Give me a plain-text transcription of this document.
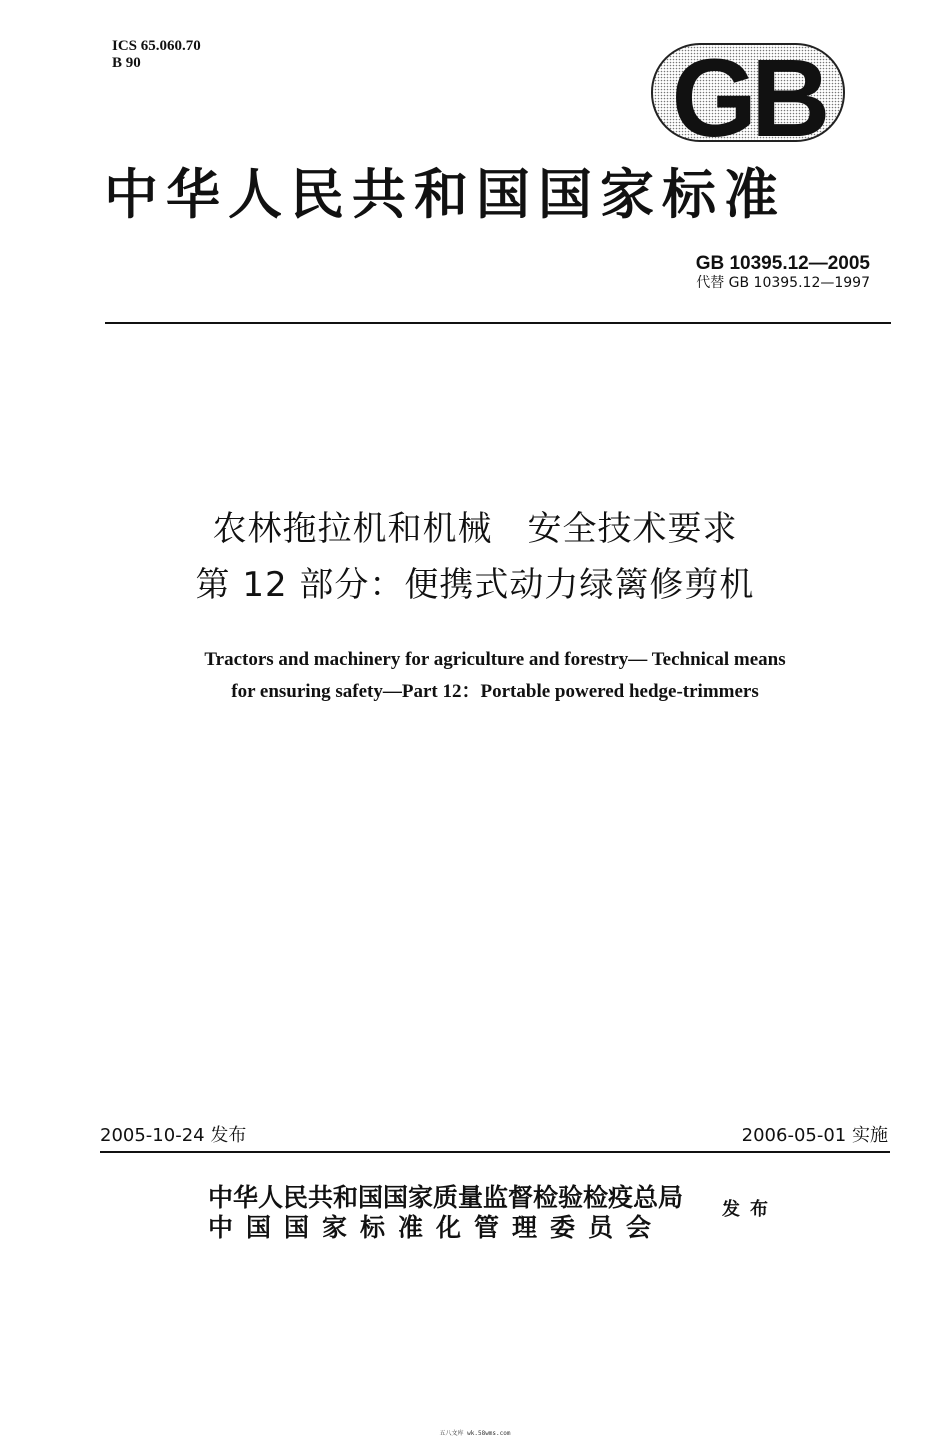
ICS 65.060.70
B 90	GB
中华人民共和国国家标准
GB 10395.12—2005
代替 GB 10395.12—1997
农林拖拉机和机械　安全技术要求
第 12 部分：便携式动力绿篱修剪机
Tractors and machinery for agriculture and forestry— Technical means
for ensuring safety—Part 12：Portable powered hedge-trimmers
2005-10-24 发布	2006-05-01 实施
中华人民共和国国家质量监督检验检疫总局
中国国家标准化管理委员会
发布
五八文库 wk.58wms.com
